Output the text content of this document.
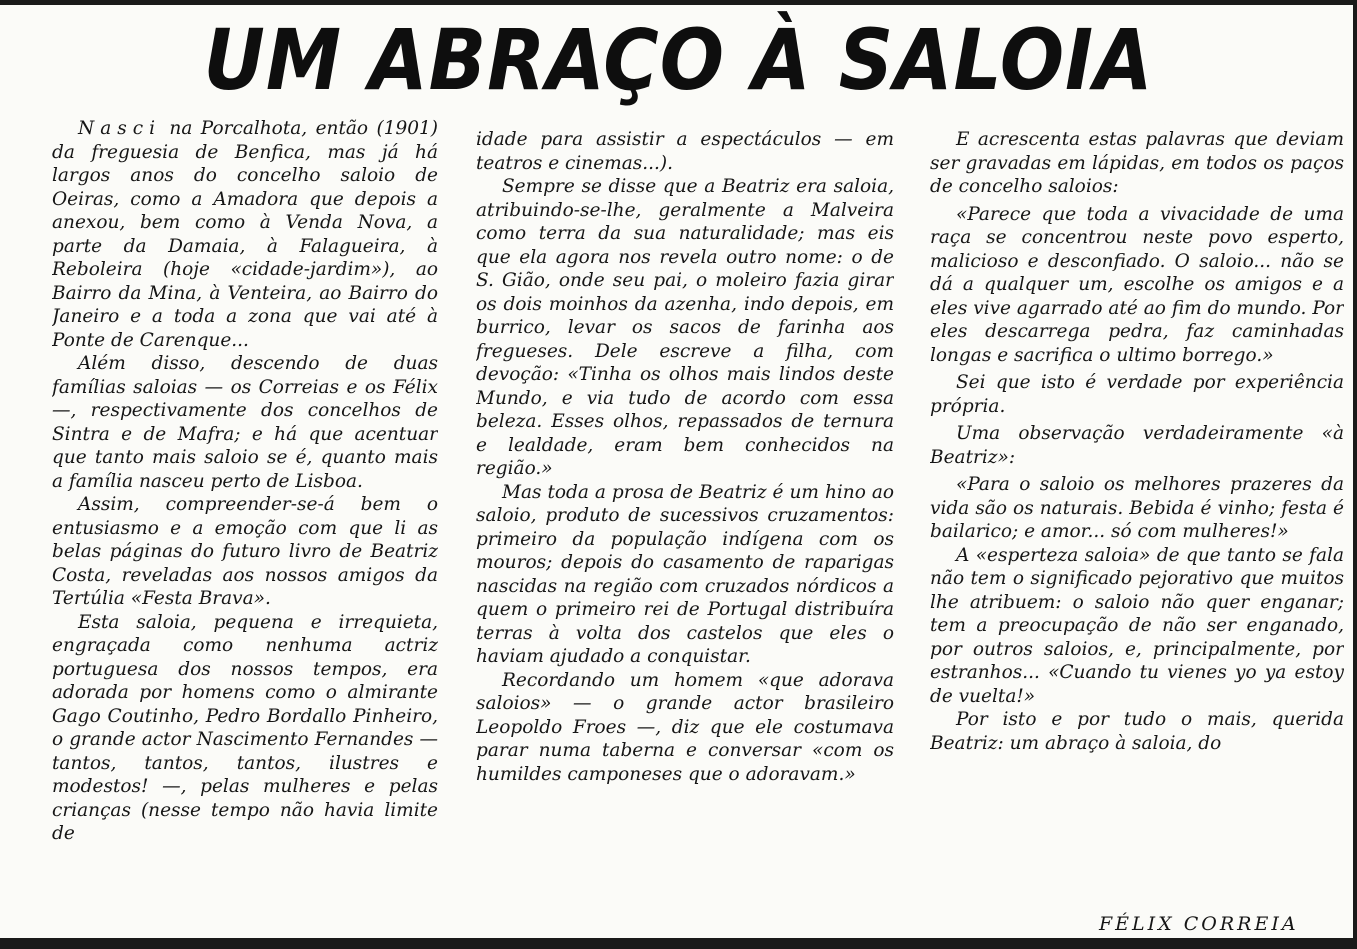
UM ABRAÇO À SALOIA

Nasci na Porcalhota, então (1901) da freguesia de Benfica, mas já há largos anos do concelho saloio de Oeiras, como a Amadora que depois a anexou, bem como à Venda Nova, a parte da Damaia, à Falagueira, à Reboleira (hoje «cidade-jardim»), ao Bairro da Mina, à Venteira, ao Bairro do Janeiro e a toda a zona que vai até à Ponte de Carenque...

Além disso, descendo de duas famílias saloias — os Correias e os Félix —, respectivamente dos concelhos de Sintra e de Mafra; e há que acentuar que tanto mais saloio se é, quanto mais a família nasceu perto de Lisboa.

Assim, compreender-se-á bem o entusiasmo e a emoção com que li as belas páginas do futuro livro de Beatriz Costa, reveladas aos nossos amigos da Tertúlia «Festa Brava».

Esta saloia, pequena e irrequieta, engraçada como nenhuma actriz portuguesa dos nossos tempos, era adorada por homens como o almirante Gago Coutinho, Pedro Bordallo Pinheiro, o grande actor Nascimento Fernandes — tantos, tantos, tantos, ilustres e modestos! —, pelas mulheres e pelas crianças (nesse tempo não havia limite de

idade para assistir a espectáculos — em teatros e cinemas...).

Sempre se disse que a Beatriz era saloia, atribuindo-se-lhe, geralmente a Malveira como terra da sua naturalidade; mas eis que ela agora nos revela outro nome: o de S. Gião, onde seu pai, o moleiro fazia girar os dois moinhos da azenha, indo depois, em burrico, levar os sacos de farinha aos fregueses. Dele escreve a filha, com devoção: «Tinha os olhos mais lindos deste Mundo, e via tudo de acordo com essa beleza. Esses olhos, repassados de ternura e lealdade, eram bem conhecidos na região.»

Mas toda a prosa de Beatriz é um hino ao saloio, produto de sucessivos cruzamentos: primeiro da população indígena com os mouros; depois do casamento de raparigas nascidas na região com cruzados nórdicos a quem o primeiro rei de Portugal distribuíra terras à volta dos castelos que eles o haviam ajudado a conquistar.

Recordando um homem «que adorava saloios» — o grande actor brasileiro Leopoldo Froes —, diz que ele costumava parar numa taberna e conversar «com os humildes camponeses que o adoravam.»

E acrescenta estas palavras que deviam ser gravadas em lápidas, em todos os paços de concelho saloios:

«Parece que toda a vivacidade de uma raça se concentrou neste povo esperto, malicioso e desconfiado. O saloio... não se dá a qualquer um, escolhe os amigos e a eles vive agarrado até ao fim do mundo. Por eles descarrega pedra, faz caminhadas longas e sacrifica o ultimo borrego.»

Sei que isto é verdade por experiência própria.

Uma observação verdadeiramente «à Beatriz»:

«Para o saloio os melhores prazeres da vida são os naturais. Bebida é vinho; festa é bailarico; e amor... só com mulheres!»

A «esperteza saloia» de que tanto se fala não tem o significado pejorativo que muitos lhe atribuem: o saloio não quer enganar; tem a preocupação de não ser enganado, por outros saloios, e, principalmente, por estranhos... «Cuando tu vienes yo ya estoy de vuelta!»

Por isto e por tudo o mais, querida Beatriz: um abraço à saloia, do

FÉLIX CORREIA
